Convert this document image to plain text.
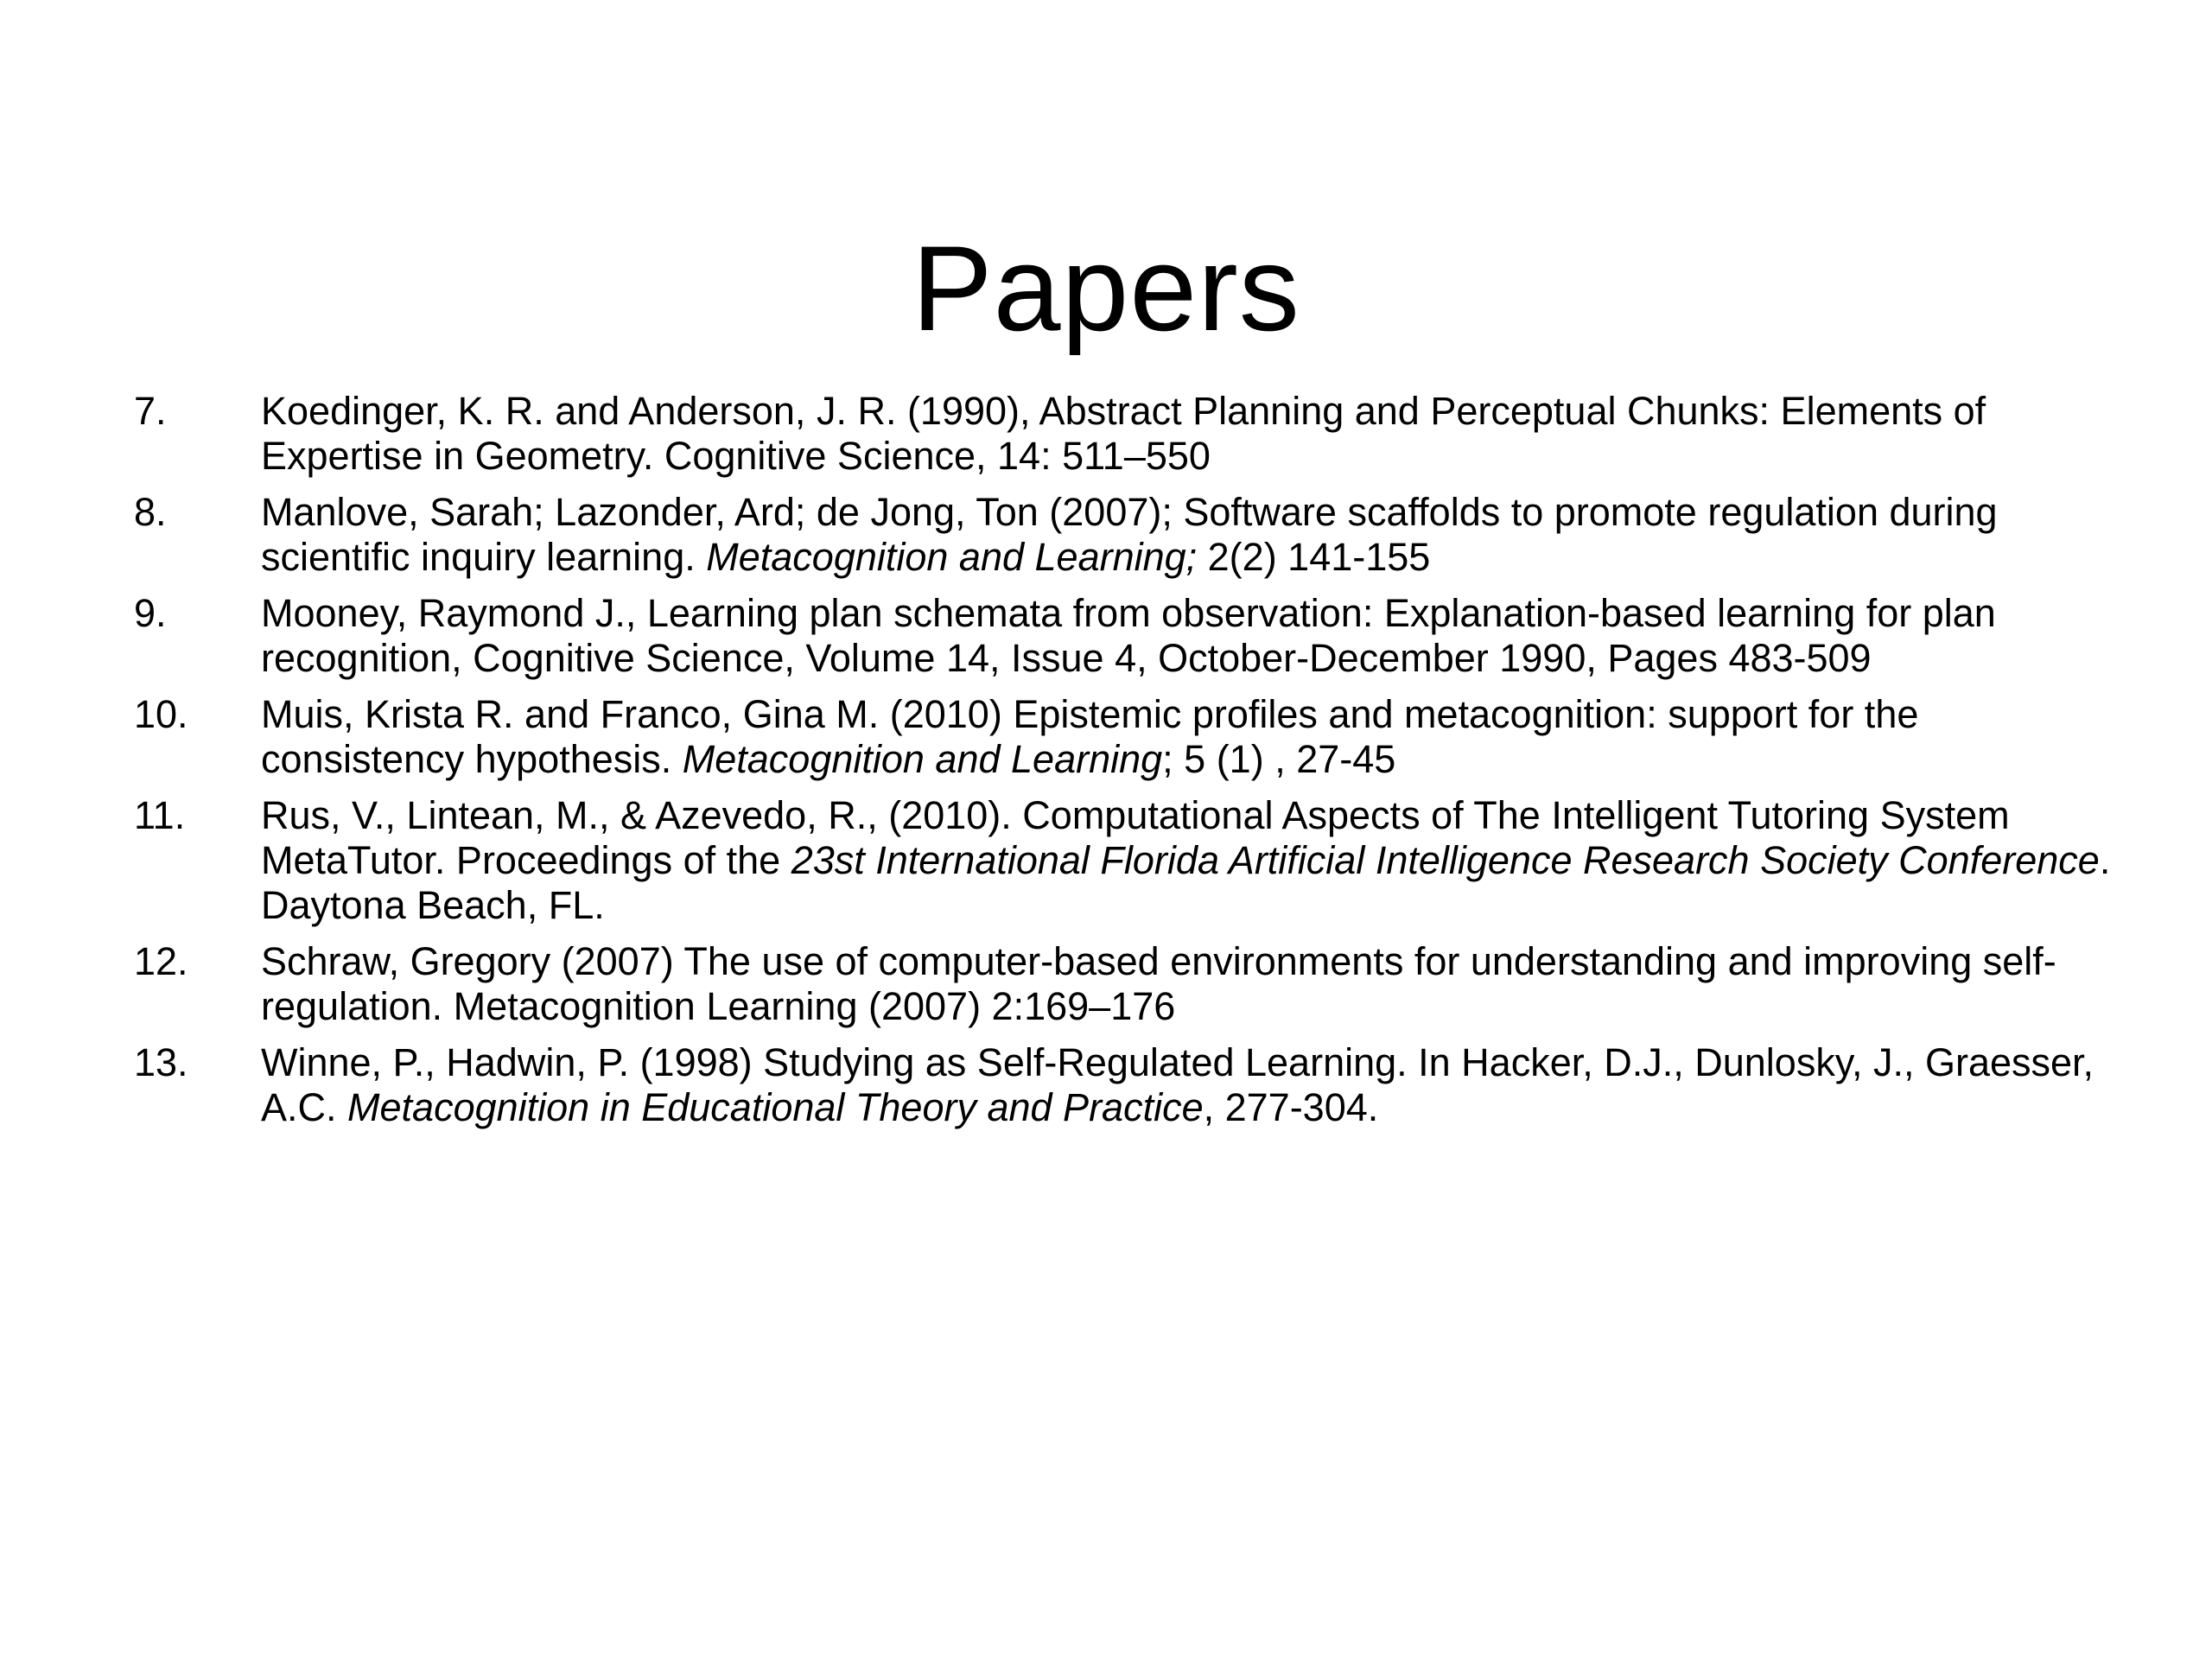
Papers
7.	Koedinger, K. R. and Anderson, J. R. (1990), Abstract Planning and Perceptual Chunks: Elements of Expertise in Geometry. Cognitive Science, 14: 511–550
8.	Manlove, Sarah; Lazonder, Ard; de Jong, Ton (2007); Software scaffolds to promote regulation during scientific inquiry learning. Metacognition and Learning; 2(2) 141-155
9.	Mooney, Raymond J., Learning plan schemata from observation: Explanation-based learning for plan recognition, Cognitive Science, Volume 14, Issue 4, October-December 1990, Pages 483-509
10.	Muis, Krista R. and Franco, Gina M. (2010) Epistemic profiles and metacognition: support for the consistency hypothesis. Metacognition and Learning; 5 (1) , 27-45
11.	Rus, V., Lintean, M., & Azevedo, R., (2010). Computational Aspects of The Intelligent Tutoring System MetaTutor. Proceedings of the 23st International Florida Artificial Intelligence Research Society Conference. Daytona Beach, FL.
12.	Schraw, Gregory (2007) The use of computer-based environments for understanding and improving self-regulation. Metacognition Learning (2007) 2:169–176
13.	Winne, P., Hadwin, P. (1998) Studying as Self-Regulated Learning. In Hacker, D.J., Dunlosky, J., Graesser, A.C. Metacognition in Educational Theory and Practice, 277-304.
